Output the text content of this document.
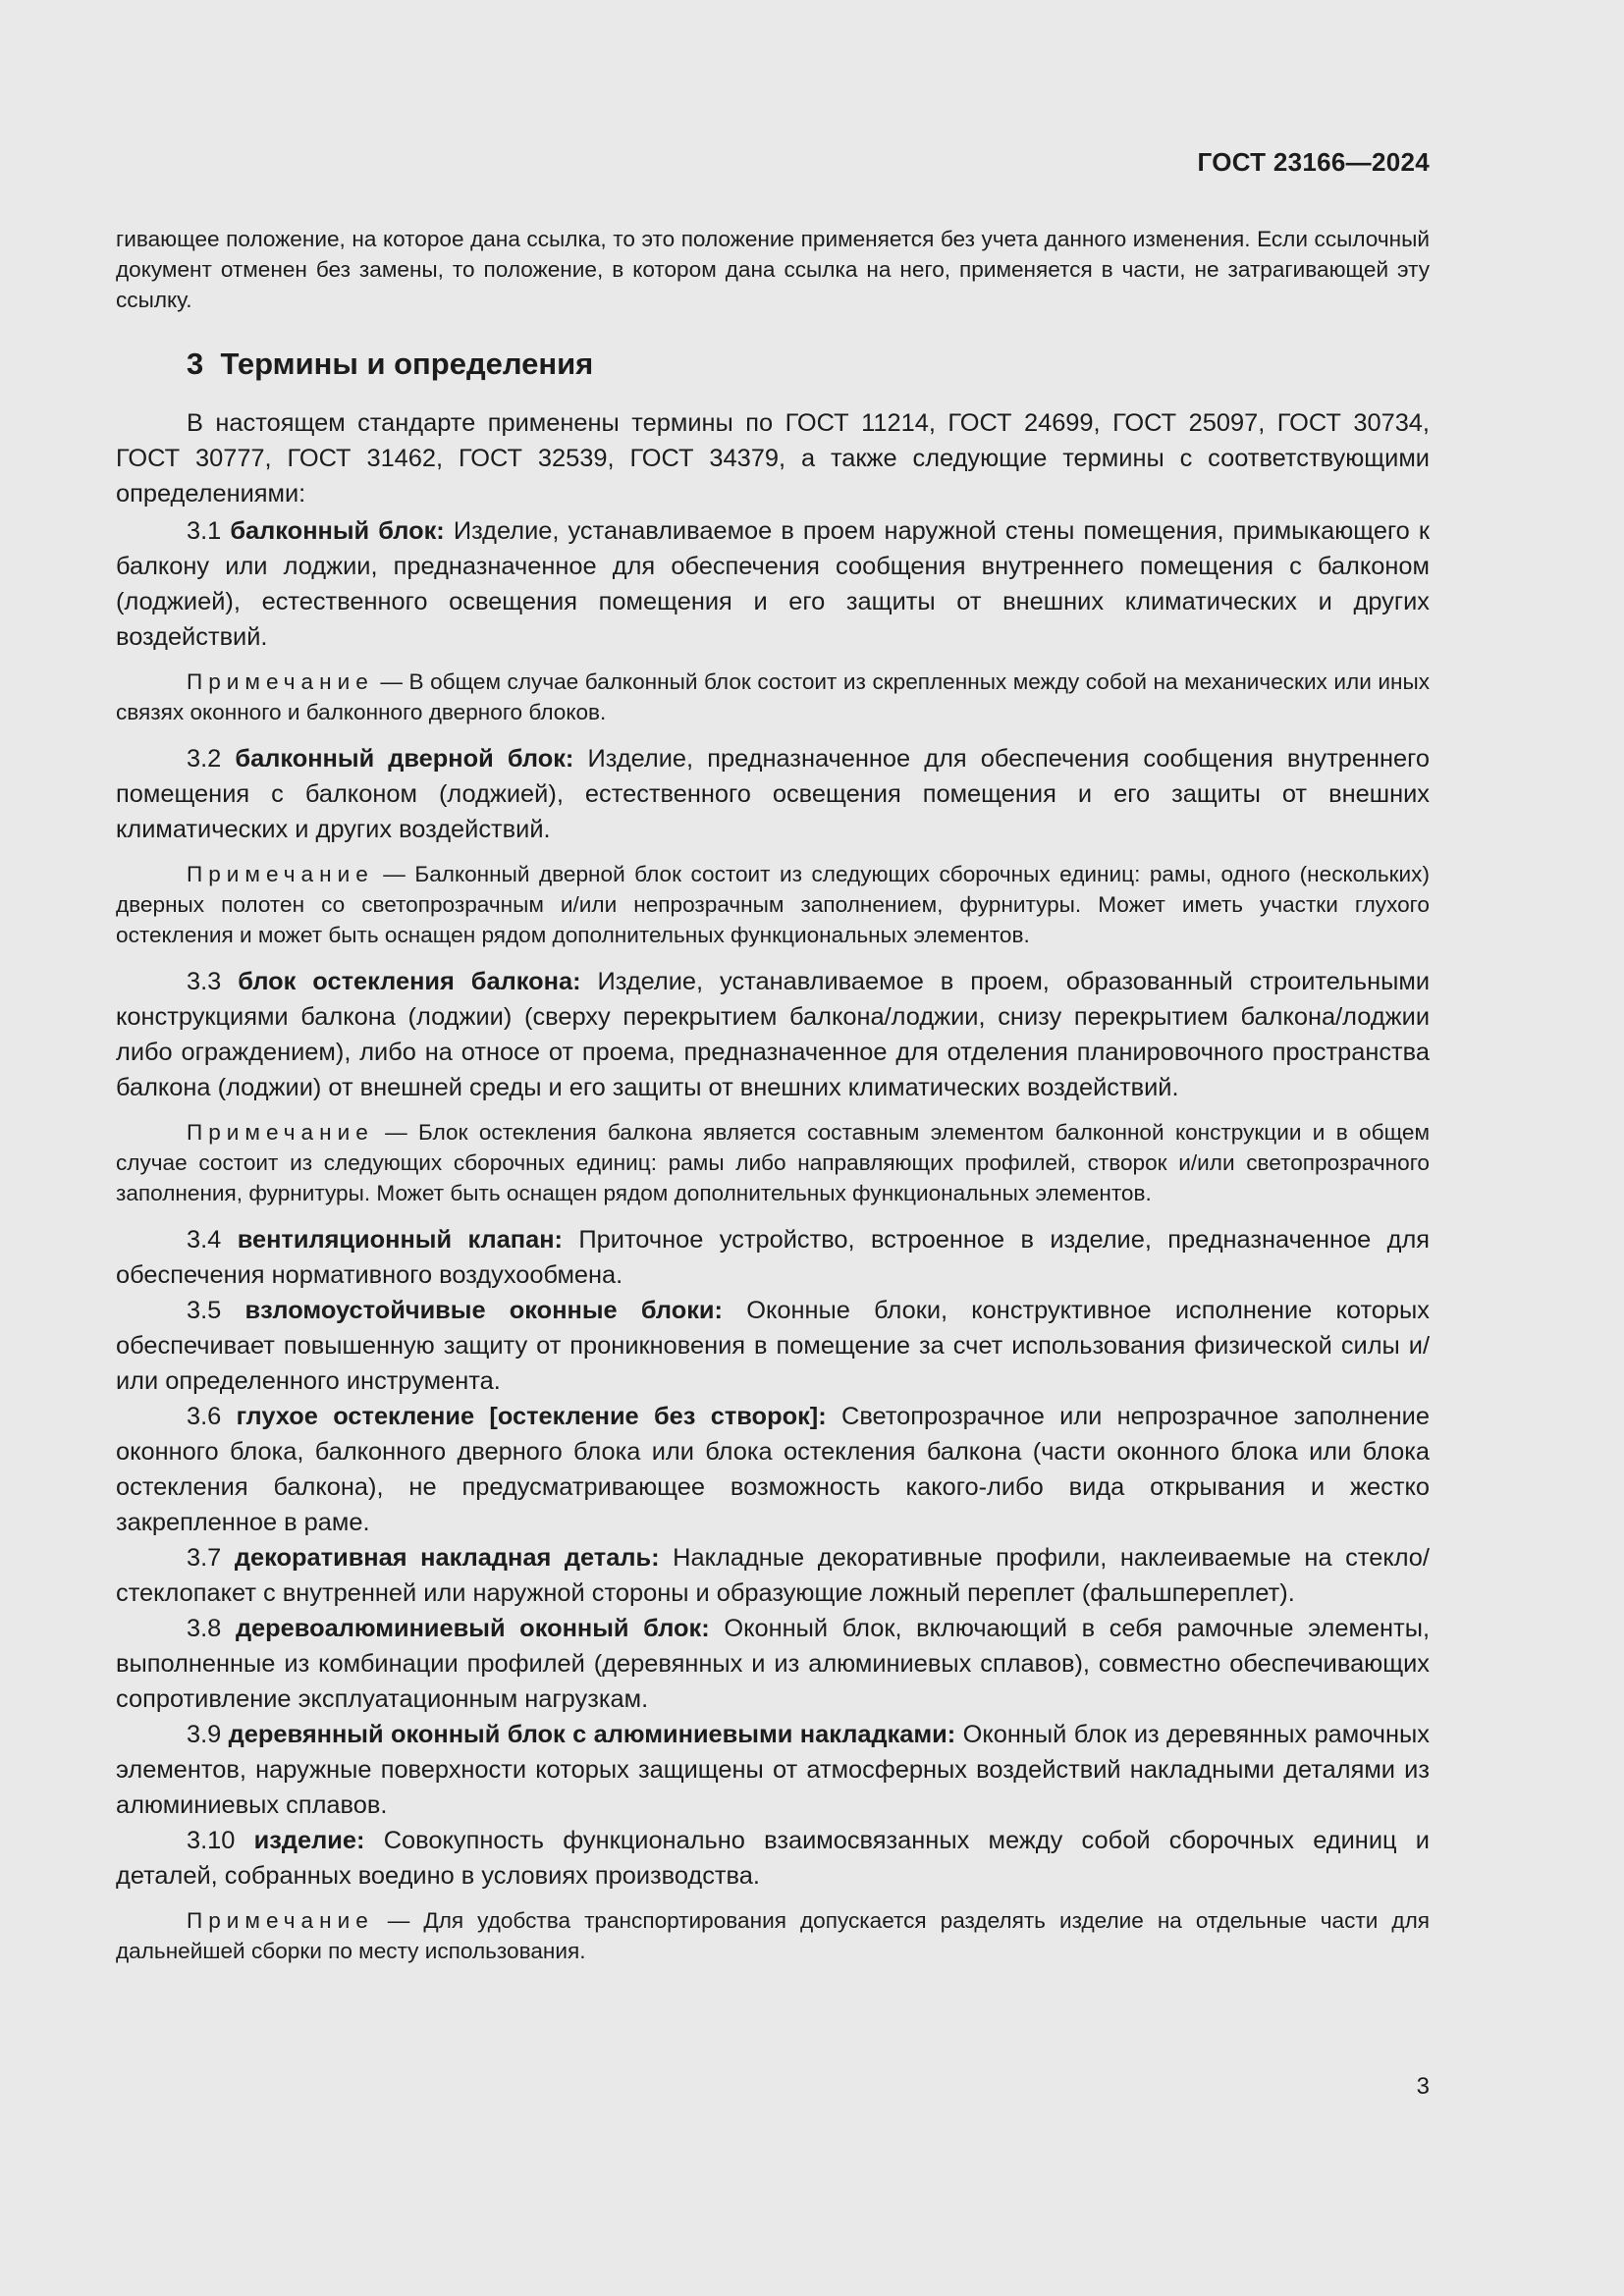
ГОСТ 23166—2024

гивающее положение, на которое дана ссылка, то это положение применяется без учета данного изменения. Если ссылочный документ отменен без замены, то положение, в котором дана ссылка на него, применяется в части, не затрагивающей эту ссылку.

3 Термины и определения

В настоящем стандарте применены термины по ГОСТ 11214, ГОСТ 24699, ГОСТ 25097, ГОСТ 30734, ГОСТ 30777, ГОСТ 31462, ГОСТ 32539, ГОСТ 34379, а также следующие термины с соответствующими определениями:

3.1 балконный блок: Изделие, устанавливаемое в проем наружной стены помещения, примыкающего к балкону или лоджии, предназначенное для обеспечения сообщения внутреннего помещения с балконом (лоджией), естественного освещения помещения и его защиты от внешних климатических и других воздействий.

Примечание — В общем случае балконный блок состоит из скрепленных между собой на механических или иных связях оконного и балконного дверного блоков.

3.2 балконный дверной блок: Изделие, предназначенное для обеспечения сообщения внутреннего помещения с балконом (лоджией), естественного освещения помещения и его защиты от внешних климатических и других воздействий.

Примечание — Балконный дверной блок состоит из следующих сборочных единиц: рамы, одного (нескольких) дверных полотен со светопрозрачным и/или непрозрачным заполнением, фурнитуры. Может иметь участки глухого остекления и может быть оснащен рядом дополнительных функциональных элементов.

3.3 блок остекления балкона: Изделие, устанавливаемое в проем, образованный строительными конструкциями балкона (лоджии) (сверху перекрытием балкона/лоджии, снизу перекрытием балкона/лоджии либо ограждением), либо на относе от проема, предназначенное для отделения планировочного пространства балкона (лоджии) от внешней среды и его защиты от внешних климатических воздействий.

Примечание — Блок остекления балкона является составным элементом балконной конструкции и в общем случае состоит из следующих сборочных единиц: рамы либо направляющих профилей, створок и/или светопрозрачного заполнения, фурнитуры. Может быть оснащен рядом дополнительных функциональных элементов.

3.4 вентиляционный клапан: Приточное устройство, встроенное в изделие, предназначенное для обеспечения нормативного воздухообмена.

3.5 взломоустойчивые оконные блоки: Оконные блоки, конструктивное исполнение которых обеспечивает повышенную защиту от проникновения в помещение за счет использования физической силы и/или определенного инструмента.

3.6 глухое остекление [остекление без створок]: Светопрозрачное или непрозрачное заполнение оконного блока, балконного дверного блока или блока остекления балкона (части оконного блока или блока остекления балкона), не предусматривающее возможность какого-либо вида открывания и жестко закрепленное в раме.

3.7 декоративная накладная деталь: Накладные декоративные профили, наклеиваемые на стекло/стеклопакет с внутренней или наружной стороны и образующие ложный переплет (фальшпереплет).

3.8 деревоалюминиевый оконный блок: Оконный блок, включающий в себя рамочные элементы, выполненные из комбинации профилей (деревянных и из алюминиевых сплавов), совместно обеспечивающих сопротивление эксплуатационным нагрузкам.

3.9 деревянный оконный блок с алюминиевыми накладками: Оконный блок из деревянных рамочных элементов, наружные поверхности которых защищены от атмосферных воздействий накладными деталями из алюминиевых сплавов.

3.10 изделие: Совокупность функционально взаимосвязанных между собой сборочных единиц и деталей, собранных воедино в условиях производства.

Примечание — Для удобства транспортирования допускается разделять изделие на отдельные части для дальнейшей сборки по месту использования.

3
